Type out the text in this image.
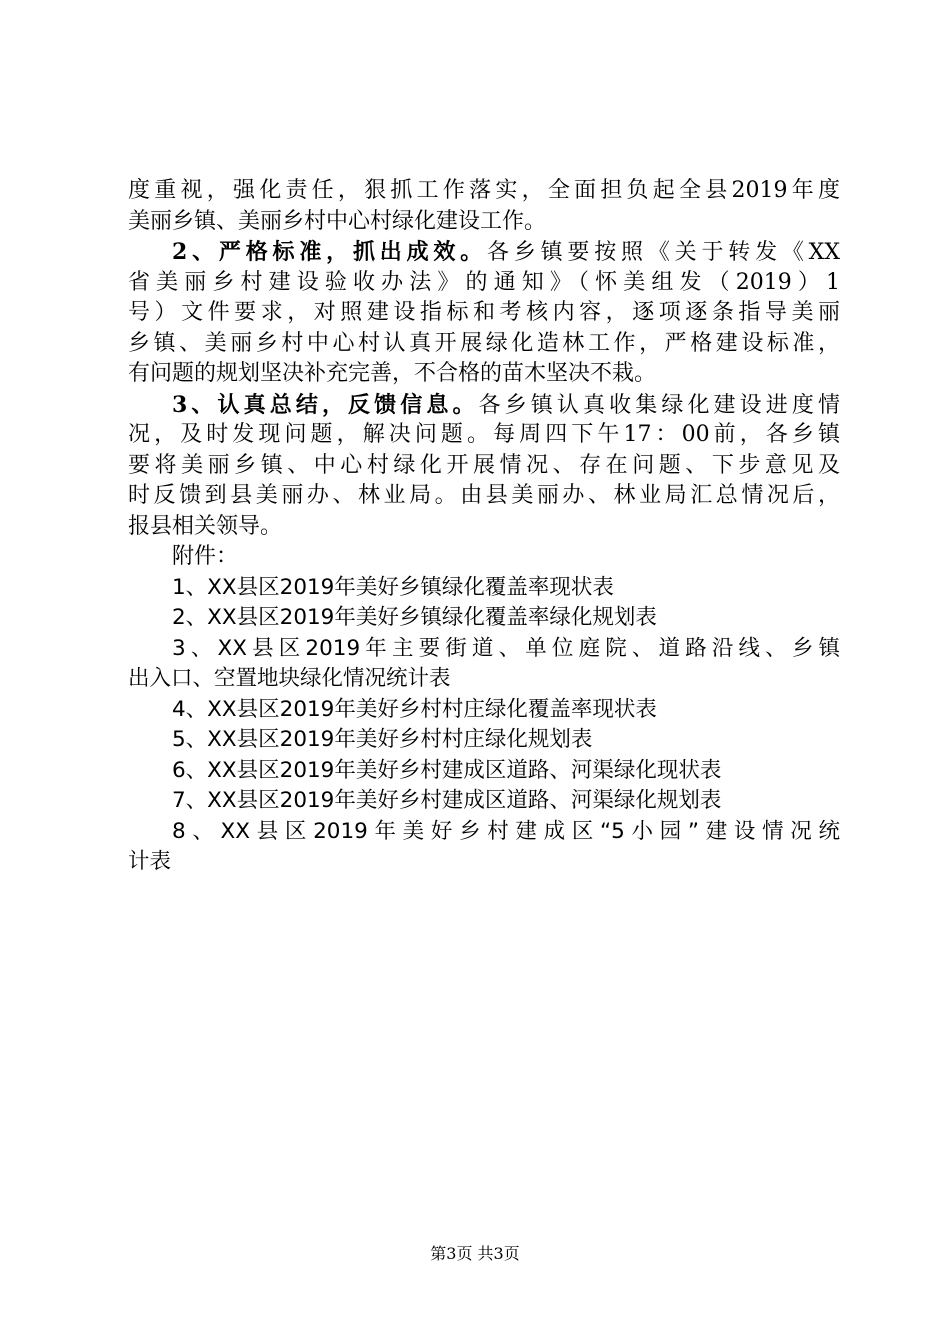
度重视，强化责任，狠抓工作落实，全面担负起全县2019年度
美丽乡镇、美丽乡村中心村绿化建设工作。
2、严格标准，抓出成效。各乡镇要按照《关于转发《XX
省美丽乡村建设验收办法》的通知》（怀美组发（2019）1
号）文件要求，对照建设指标和考核内容，逐项逐条指导美丽
乡镇、美丽乡村中心村认真开展绿化造林工作，严格建设标准，
有问题的规划坚决补充完善，不合格的苗木坚决不栽。
3、认真总结，反馈信息。各乡镇认真收集绿化建设进度情
况，及时发现问题，解决问题。每周四下午17：00前，各乡镇
要将美丽乡镇、中心村绿化开展情况、存在问题、下步意见及
时反馈到县美丽办、林业局。由县美丽办、林业局汇总情况后，
报县相关领导。
附件：
1、XX县区2019年美好乡镇绿化覆盖率现状表
2、XX县区2019年美好乡镇绿化覆盖率绿化规划表
3、XX县区2019年主要街道、单位庭院、道路沿线、乡镇
出入口、空置地块绿化情况统计表
4、XX县区2019年美好乡村村庄绿化覆盖率现状表
5、XX县区2019年美好乡村村庄绿化规划表
6、XX县区2019年美好乡村建成区道路、河渠绿化现状表
7、XX县区2019年美好乡村建成区道路、河渠绿化规划表
8、XX县区2019年美好乡村建成区“5小园”建设情况统
计表
第3页 共3页
